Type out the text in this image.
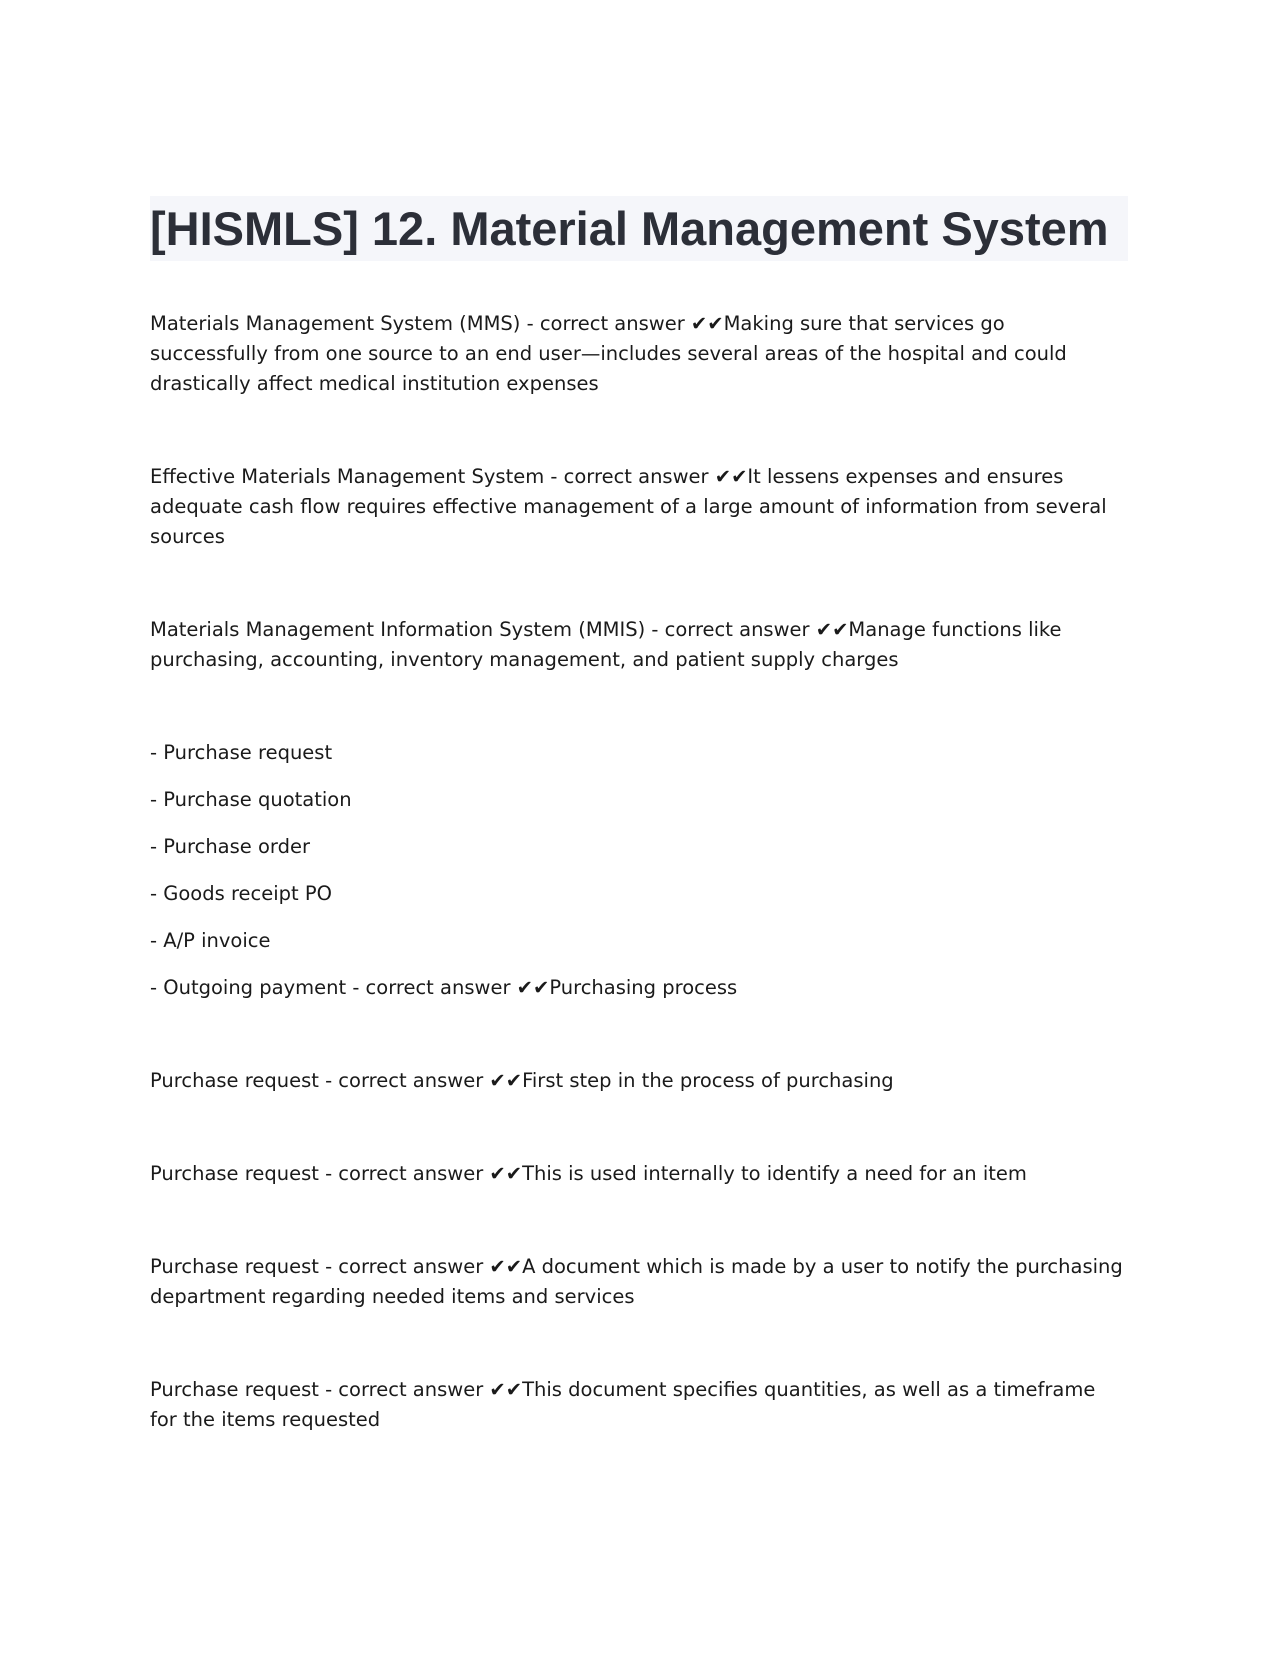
[HISMLS] 12. Material Management System

Materials Management System (MMS) - correct answer ✔✔Making sure that services go successfully from one source to an end user—includes several areas of the hospital and could drastically affect medical institution expenses

Effective Materials Management System - correct answer ✔✔It lessens expenses and ensures adequate cash flow requires effective management of a large amount of information from several sources

Materials Management Information System (MMIS) - correct answer ✔✔Manage functions like purchasing, accounting, inventory management, and patient supply charges

- Purchase request

- Purchase quotation

- Purchase order

- Goods receipt PO

- A/P invoice

- Outgoing payment - correct answer ✔✔Purchasing process

Purchase request - correct answer ✔✔First step in the process of purchasing

Purchase request - correct answer ✔✔This is used internally to identify a need for an item

Purchase request - correct answer ✔✔A document which is made by a user to notify the purchasing department regarding needed items and services

Purchase request - correct answer ✔✔This document specifies quantities, as well as a timeframe for the items requested
